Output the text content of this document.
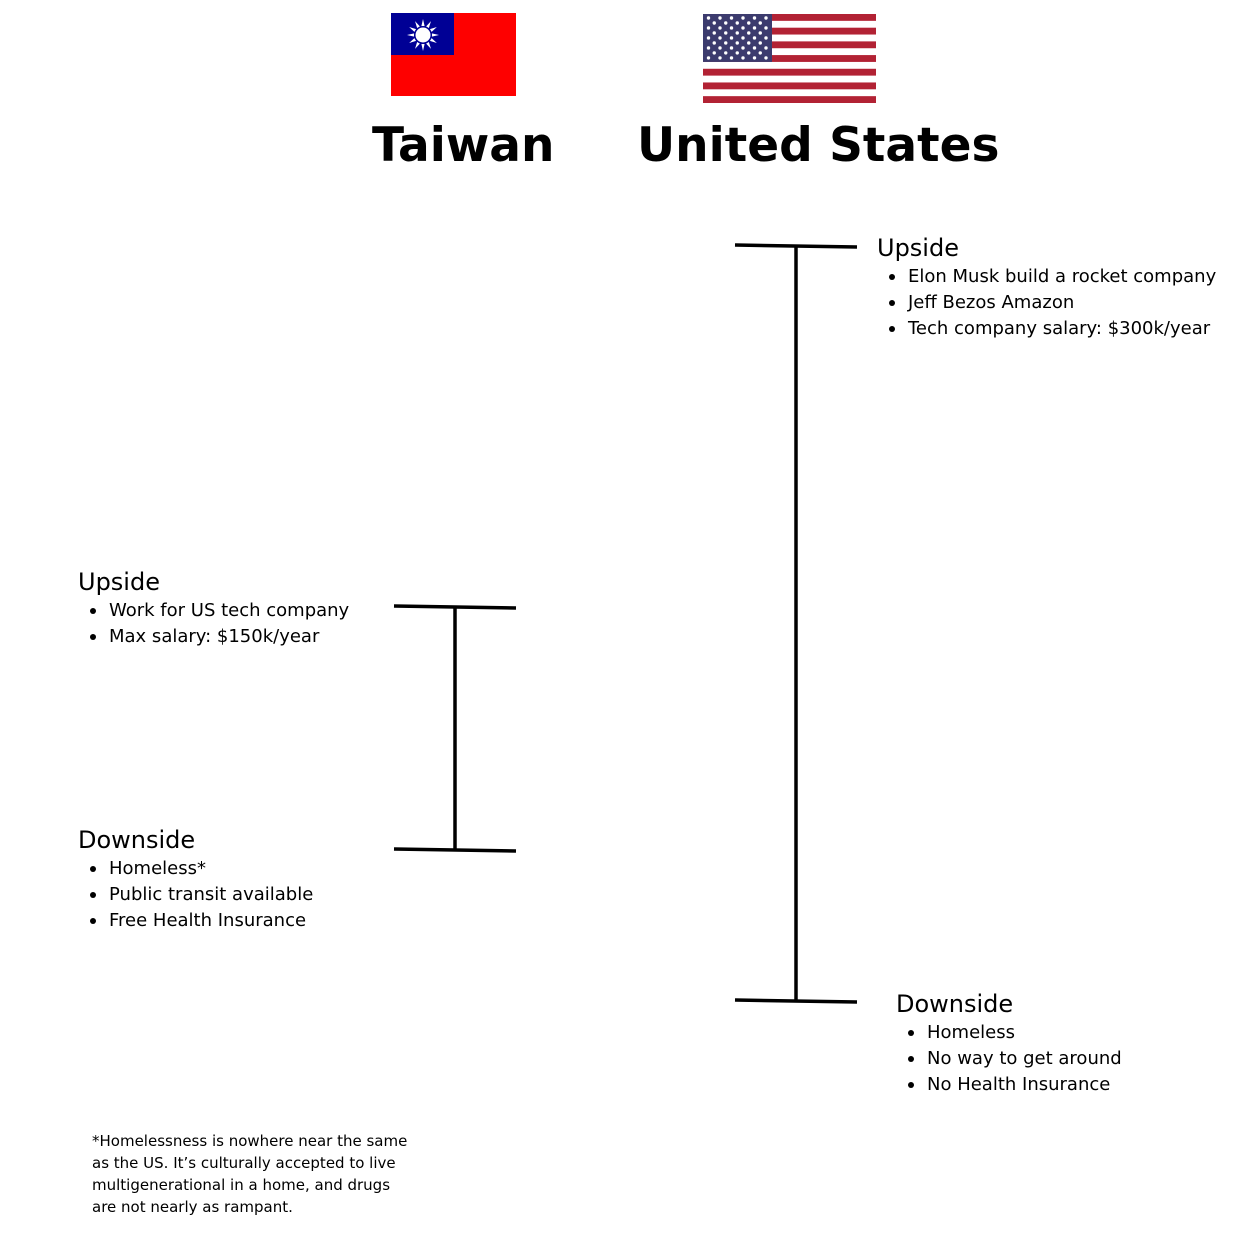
Taiwan United States
Upside
Work for US tech company
Max salary: $150k/year
Downside
Homeless*
Public transit available
Free Health Insurance
Upside
Elon Musk build a rocket company
Jeff Bezos Amazon
Tech company salary: $300k/year
Downside
Homeless
No way to get around
No Health Insurance

*Homelessness is nowhere near the same as the US. It’s culturally accepted to live multigenerational in a home, and drugs are not nearly as rampant.
